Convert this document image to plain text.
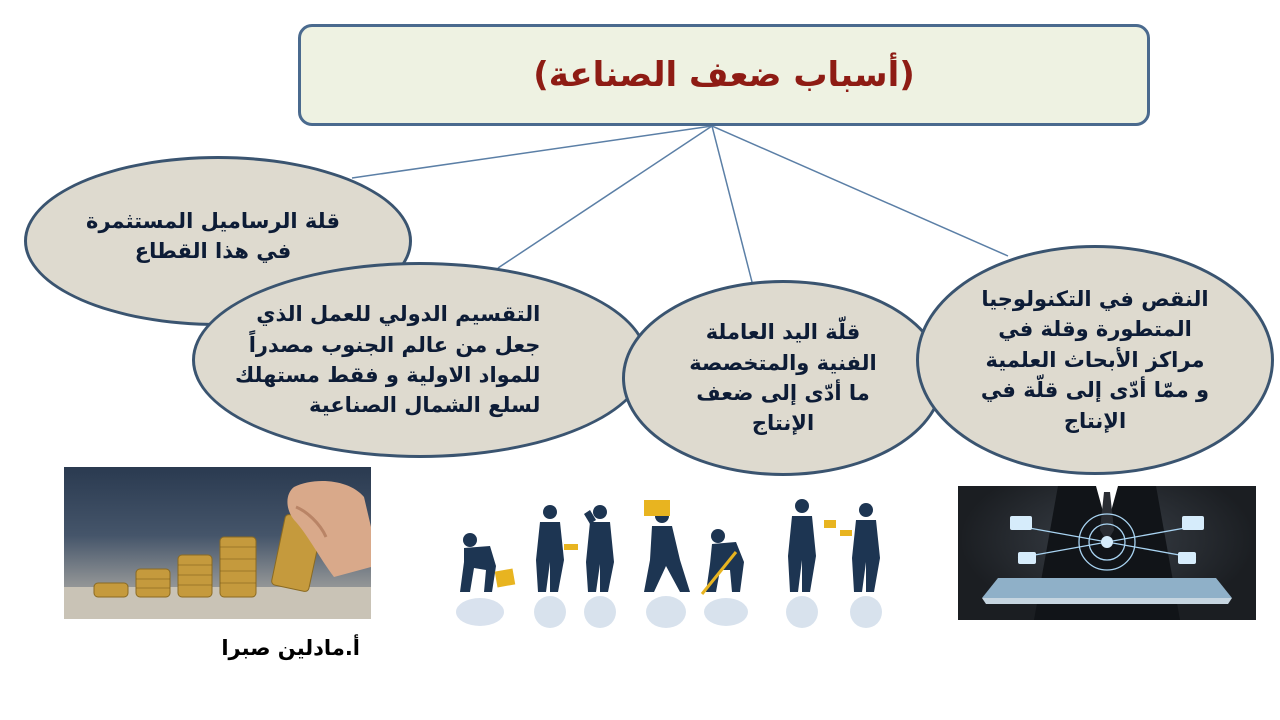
(أسباب ضعف الصناعة)
قلة الرساميل المستثمرة
في هذا القطاع
التقسيم الدولي للعمل الذي
جعل من عالم الجنوب مصدراً
للمواد الاولية و فقط مستهلك
لسلع الشمال الصناعية
قلّة اليد العاملة
الفنية والمتخصصة
ما أدّى إلى ضعف
الإنتاج
النقص في التكنولوجيا
المتطورة وقلة في
مراكز الأبحاث العلمية
و ممّا أدّى إلى قلّة في
الإنتاج
أ.مادلين صبرا
